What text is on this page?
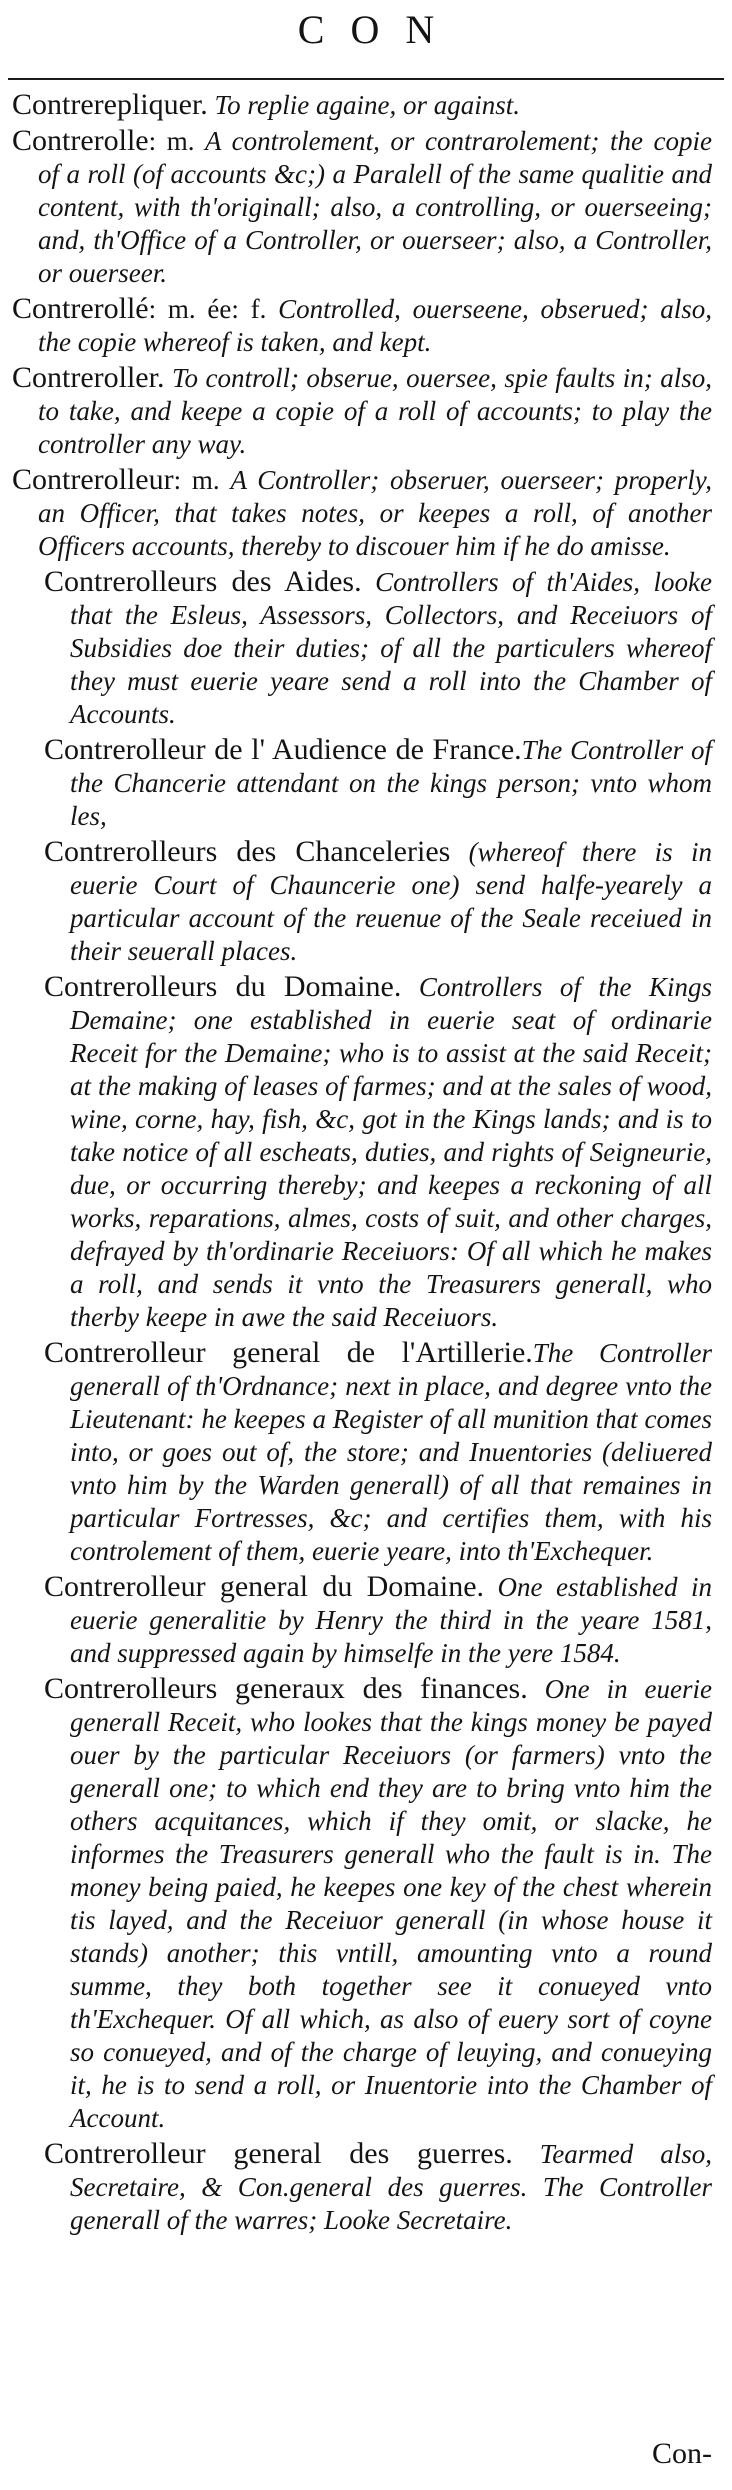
CON

Contrerepliquer. To replie againe, or against.

Contrerolle: m. A controlement, or contrarolement; the copie of a roll (of accounts &c;) a Paralell of the same qualitie and content, with th'originall; also, a controlling, or ouerseeing; and, th'Office of a Controller, or ouerseer; also, a Controller, or ouerseer.

Contrerollé: m. ée: f. Controlled, ouerseene, obserued; also, the copie whereof is taken, and kept.

Contreroller. To controll; obserue, ouersee, spie faults in; also, to take, and keepe a copie of a roll of accounts; to play the controller any way.

Contrerolleur: m. A Controller; obseruer, ouerseer; properly, an Officer, that takes notes, or keepes a roll, of another Officers accounts, thereby to discouer him if he do amisse.

Contrerolleurs des Aides. Controllers of th'Aides, looke that the Esleus, Assessors, Collectors, and Receiuors of Subsidies doe their duties; of all the particulers whereof they must euerie yeare send a roll into the Chamber of Accounts.

Contrerolleur de l' Audience de France.The Controller of the Chancerie attendant on the kings person; vnto whom les,

Contrerolleurs des Chanceleries (whereof there is in euerie Court of Chauncerie one) send halfe-yearely a particular account of the reuenue of the Seale receiued in their seuerall places.

Contrerolleurs du Domaine. Controllers of the Kings Demaine; one established in euerie seat of ordinarie Receit for the Demaine; who is to assist at the said Receit; at the making of leases of farmes; and at the sales of wood, wine, corne, hay, fish, &c, got in the Kings lands; and is to take notice of all escheats, duties, and rights of Seigneurie, due, or occurring thereby; and keepes a reckoning of all works, reparations, almes, costs of suit, and other charges, defrayed by th'ordinarie Receiuors: Of all which he makes a roll, and sends it vnto the Treasurers generall, who therby keepe in awe the said Receiuors.

Contrerolleur general de l'Artillerie.The Controller generall of th'Ordnance; next in place, and degree vnto the Lieutenant: he keepes a Register of all munition that comes into, or goes out of, the store; and Inuentories (deliuered vnto him by the Warden generall) of all that remaines in particular Fortresses, &c; and certifies them, with his controlement of them, euerie yeare, into th'Exchequer.

Contrerolleur general du Domaine. One established in euerie generalitie by Henry the third in the yeare 1581, and suppressed again by himselfe in the yere 1584.

Contrerolleurs generaux des finances. One in euerie generall Receit, who lookes that the kings money be payed ouer by the particular Receiuors (or farmers) vnto the generall one; to which end they are to bring vnto him the others acquitances, which if they omit, or slacke, he informes the Treasurers generall who the fault is in. The money being paied, he keepes one key of the chest wherein tis layed, and the Receiuor generall (in whose house it stands) another; this vntill, amounting vnto a round summe, they both together see it conueyed vnto th'Exchequer. Of all which, as also of euery sort of coyne so conueyed, and of the charge of leuying, and conueying it, he is to send a roll, or Inuentorie into the Chamber of Account.

Contrerolleur general des guerres. Tearmed also, Secretaire, & Con.general des guerres. The Controller generall of the warres; Looke Secretaire.

Con-
